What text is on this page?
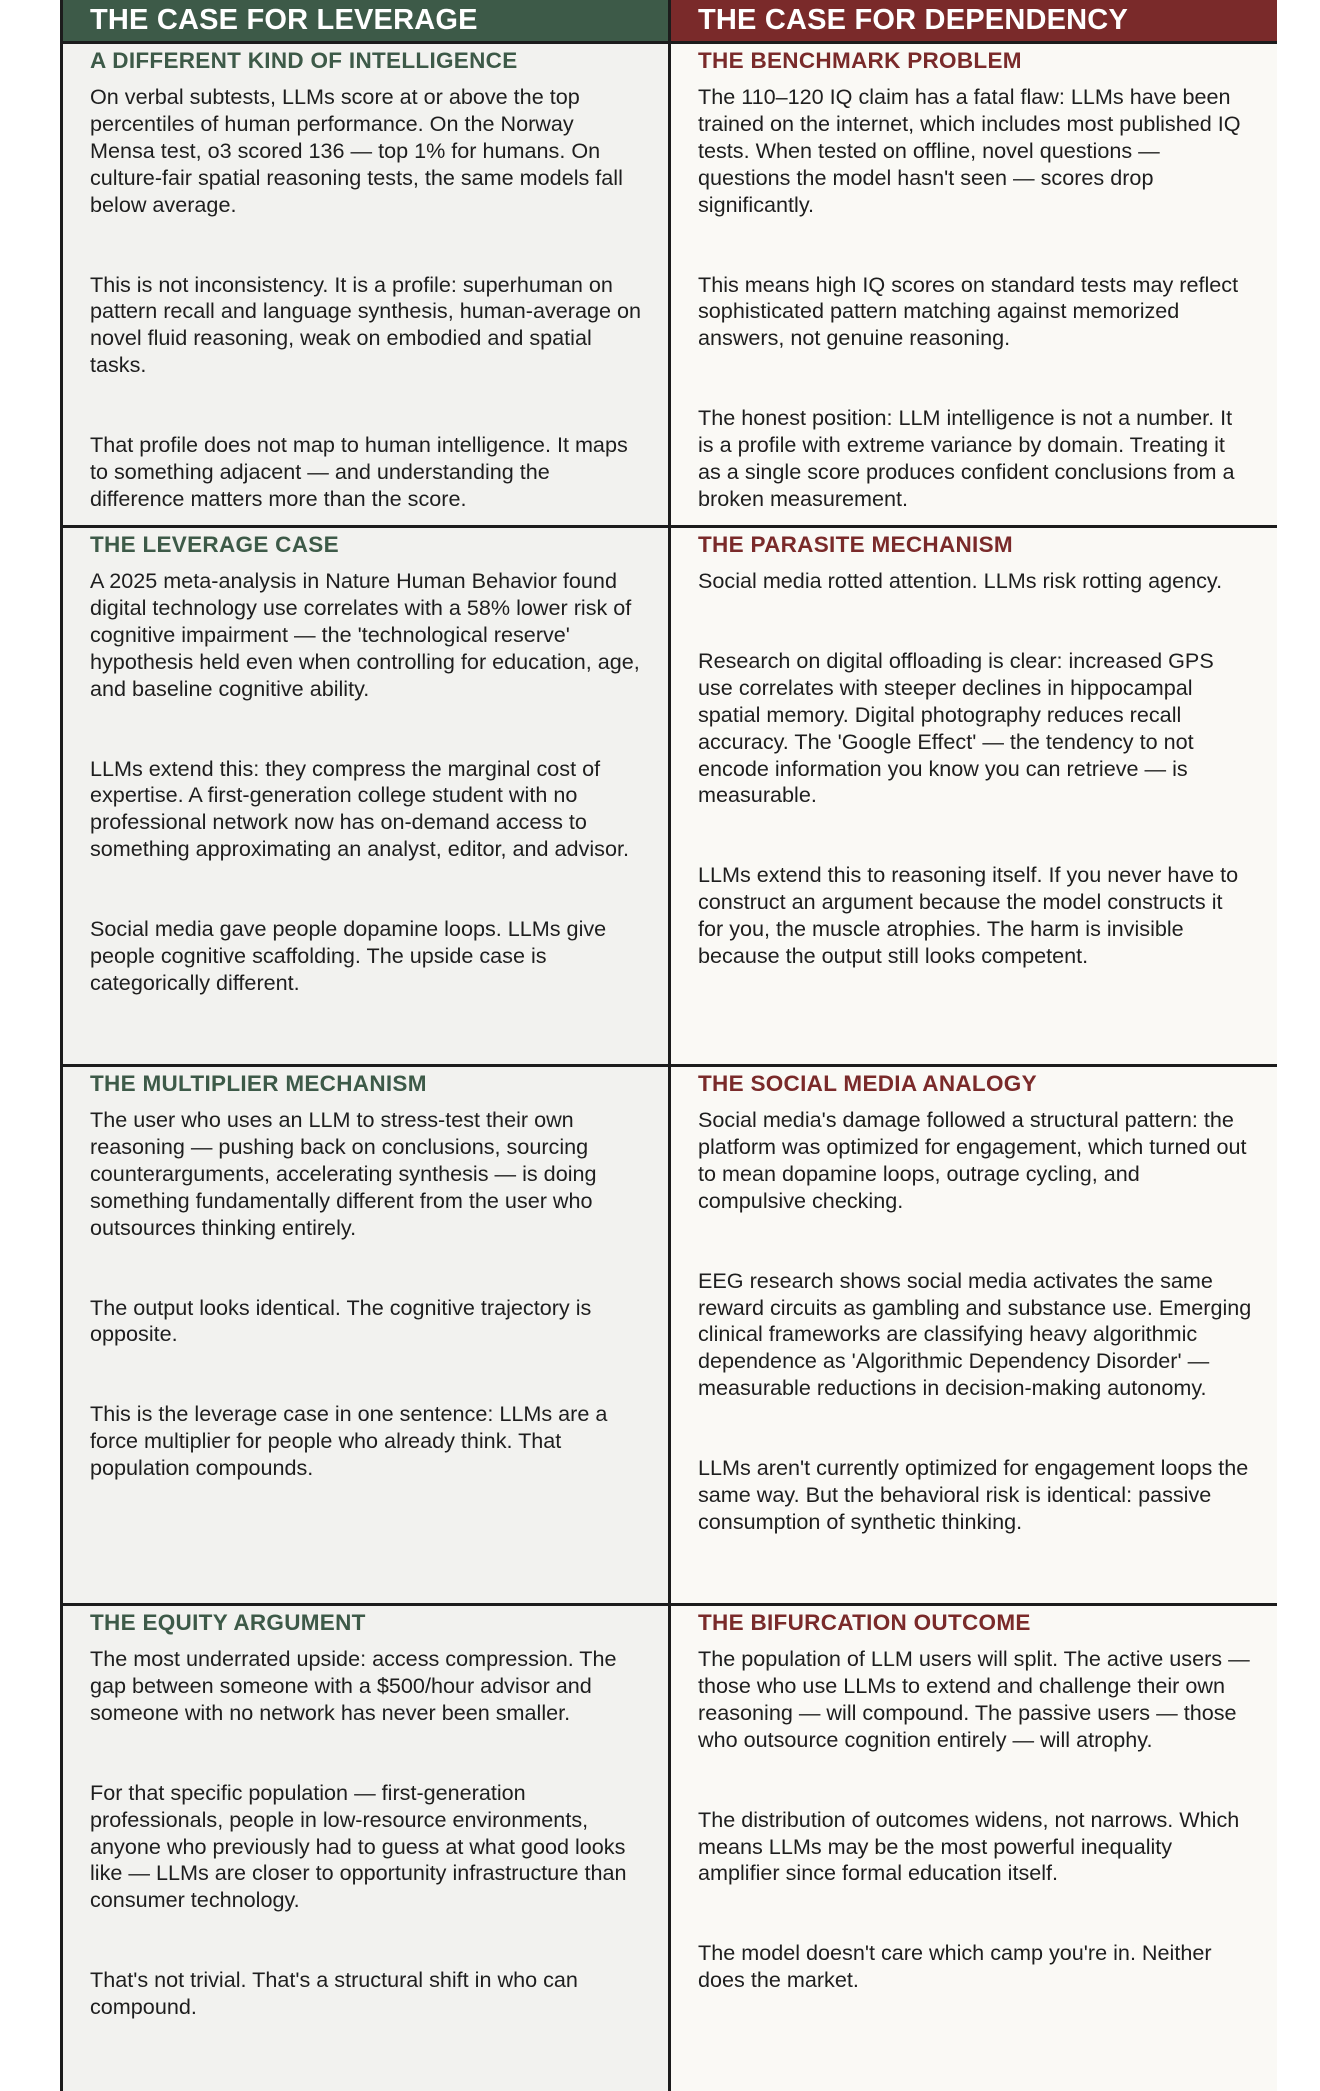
THE CASE FOR LEVERAGE	THE CASE FOR DEPENDENCY
A DIFFERENT KIND OF INTELLIGENCE

On verbal subtests, LLMs score at or above the top percentiles of human performance. On the Norway Mensa test, o3 scored 136 — top 1% for humans. On culture-fair spatial reasoning tests, the same models fall below average.

This is not inconsistency. It is a profile: superhuman on pattern recall and language synthesis, human-average on novel fluid reasoning, weak on embodied and spatial tasks.

That profile does not map to human intelligence. It maps to something adjacent — and understanding the difference matters more than the score.

THE BENCHMARK PROBLEM

The 110–120 IQ claim has a fatal flaw: LLMs have been trained on the internet, which includes most published IQ tests. When tested on offline, novel questions — questions the model hasn't seen — scores drop significantly.

This means high IQ scores on standard tests may reflect sophisticated pattern matching against memorized answers, not genuine reasoning.

The honest position: LLM intelligence is not a number. It is a profile with extreme variance by domain. Treating it as a single score produces confident conclusions from a broken measurement.

THE LEVERAGE CASE

A 2025 meta-analysis in Nature Human Behavior found digital technology use correlates with a 58% lower risk of cognitive impairment — the 'technological reserve' hypothesis held even when controlling for education, age, and baseline cognitive ability.

LLMs extend this: they compress the marginal cost of expertise. A first-generation college student with no professional network now has on-demand access to something approximating an analyst, editor, and advisor.

Social media gave people dopamine loops. LLMs give people cognitive scaffolding. The upside case is categorically different.

THE PARASITE MECHANISM

Social media rotted attention. LLMs risk rotting agency.

Research on digital offloading is clear: increased GPS use correlates with steeper declines in hippocampal spatial memory. Digital photography reduces recall accuracy. The 'Google Effect' — the tendency to not encode information you know you can retrieve — is measurable.

LLMs extend this to reasoning itself. If you never have to construct an argument because the model constructs it for you, the muscle atrophies. The harm is invisible because the output still looks competent.

THE MULTIPLIER MECHANISM

The user who uses an LLM to stress-test their own reasoning — pushing back on conclusions, sourcing counterarguments, accelerating synthesis — is doing something fundamentally different from the user who outsources thinking entirely.

The output looks identical. The cognitive trajectory is opposite.

This is the leverage case in one sentence: LLMs are a force multiplier for people who already think. That population compounds.

THE SOCIAL MEDIA ANALOGY

Social media's damage followed a structural pattern: the platform was optimized for engagement, which turned out to mean dopamine loops, outrage cycling, and compulsive checking.

EEG research shows social media activates the same reward circuits as gambling and substance use. Emerging clinical frameworks are classifying heavy algorithmic dependence as 'Algorithmic Dependency Disorder' — measurable reductions in decision-making autonomy.

LLMs aren't currently optimized for engagement loops the same way. But the behavioral risk is identical: passive consumption of synthetic thinking.

THE EQUITY ARGUMENT

The most underrated upside: access compression. The gap between someone with a $500/hour advisor and someone with no network has never been smaller.

For that specific population — first-generation professionals, people in low-resource environments, anyone who previously had to guess at what good looks like — LLMs are closer to opportunity infrastructure than consumer technology.

That's not trivial. That's a structural shift in who can compound.

THE BIFURCATION OUTCOME

The population of LLM users will split. The active users — those who use LLMs to extend and challenge their own reasoning — will compound. The passive users — those who outsource cognition entirely — will atrophy.

The distribution of outcomes widens, not narrows. Which means LLMs may be the most powerful inequality amplifier since formal education itself.

The model doesn't care which camp you're in. Neither does the market.
